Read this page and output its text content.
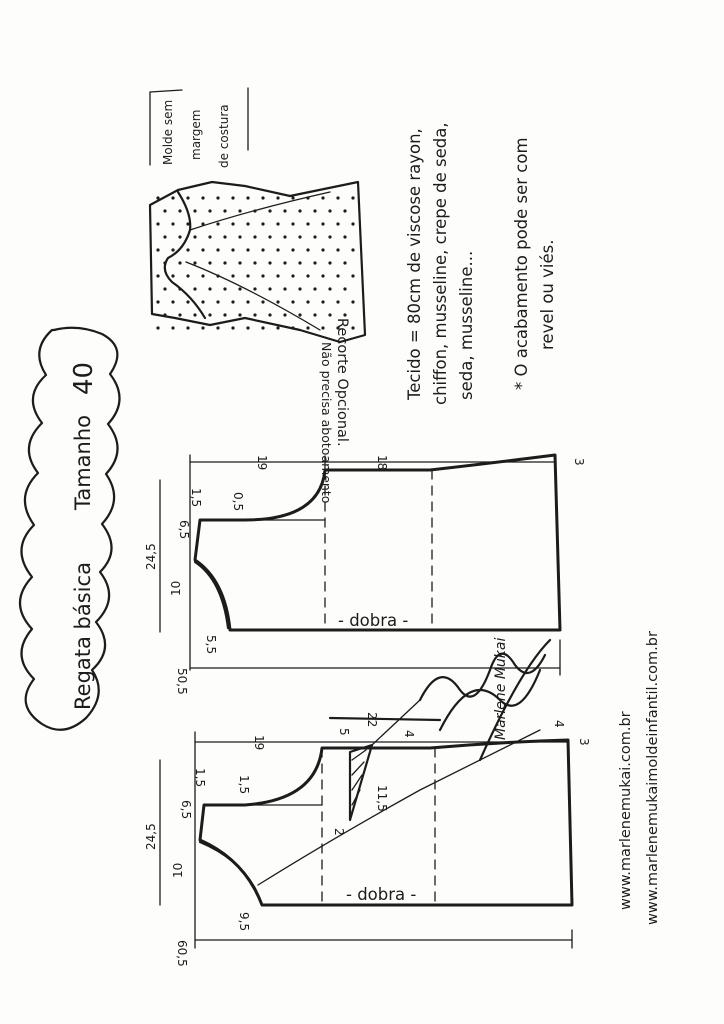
Regata básica
Tamanho
40
Molde sem margem de costura
Recorte Opcional.	Recorte Opcional.
Não precisa abotoamento
Tecido = 80cm de viscose rayon, chiffon, musseline, crepe de seda, seda, musseline... * O acabamento pode ser com revel ou viés.
- dobra -
19	18	3
1,5 0,5
6,5
24,5
10
5,5
50,5
- dobra -
19
22
5	4
4
3
1,5	1,5
6,5
24,5
10
11,5
2
9,5
60,5
Marlene Mukai
www.marlenemukai.com.br www.marlenemukaimoldeinfantil.com.br
